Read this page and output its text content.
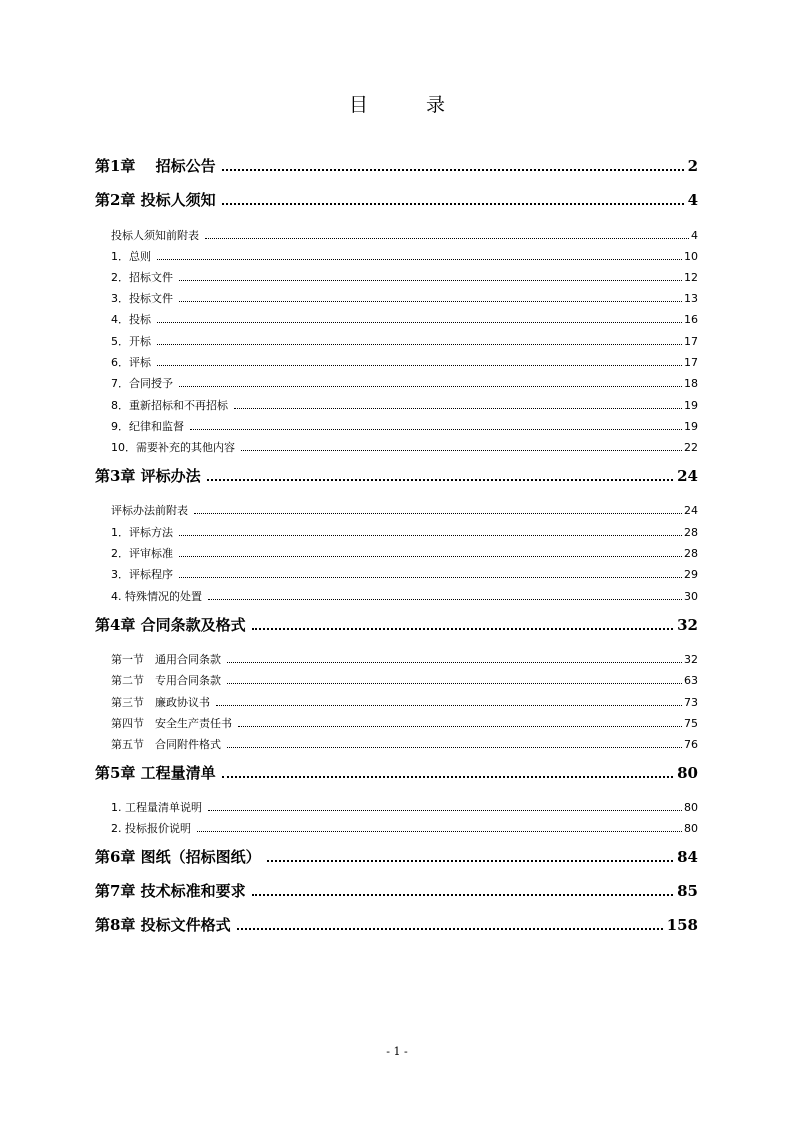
目 录
第1章　 招标公告	2
第2章 投标人须知	4
投标人须知前附表	4
1．总则	10
2．招标文件	12
3．投标文件	13
4．投标	16
5．开标	17
6．评标	17
7．合同授予	18
8．重新招标和不再招标	19
9．纪律和监督	19
10．需要补充的其他内容	22
第3章 评标办法	24
评标办法前附表	24
1．评标方法	28
2．评审标准	28
3．评标程序	29
4. 特殊情况的处置	30
第4章 合同条款及格式	32
第一节　通用合同条款	32
第二节　专用合同条款	63
第三节　廉政协议书	73
第四节　安全生产责任书	75
第五节　合同附件格式	76
第5章 工程量清单	80
1. 工程量清单说明	80
2. 投标报价说明	80
第6章 图纸（招标图纸）	84
第7章 技术标准和要求	85
第8章 投标文件格式	158
- 1 -
